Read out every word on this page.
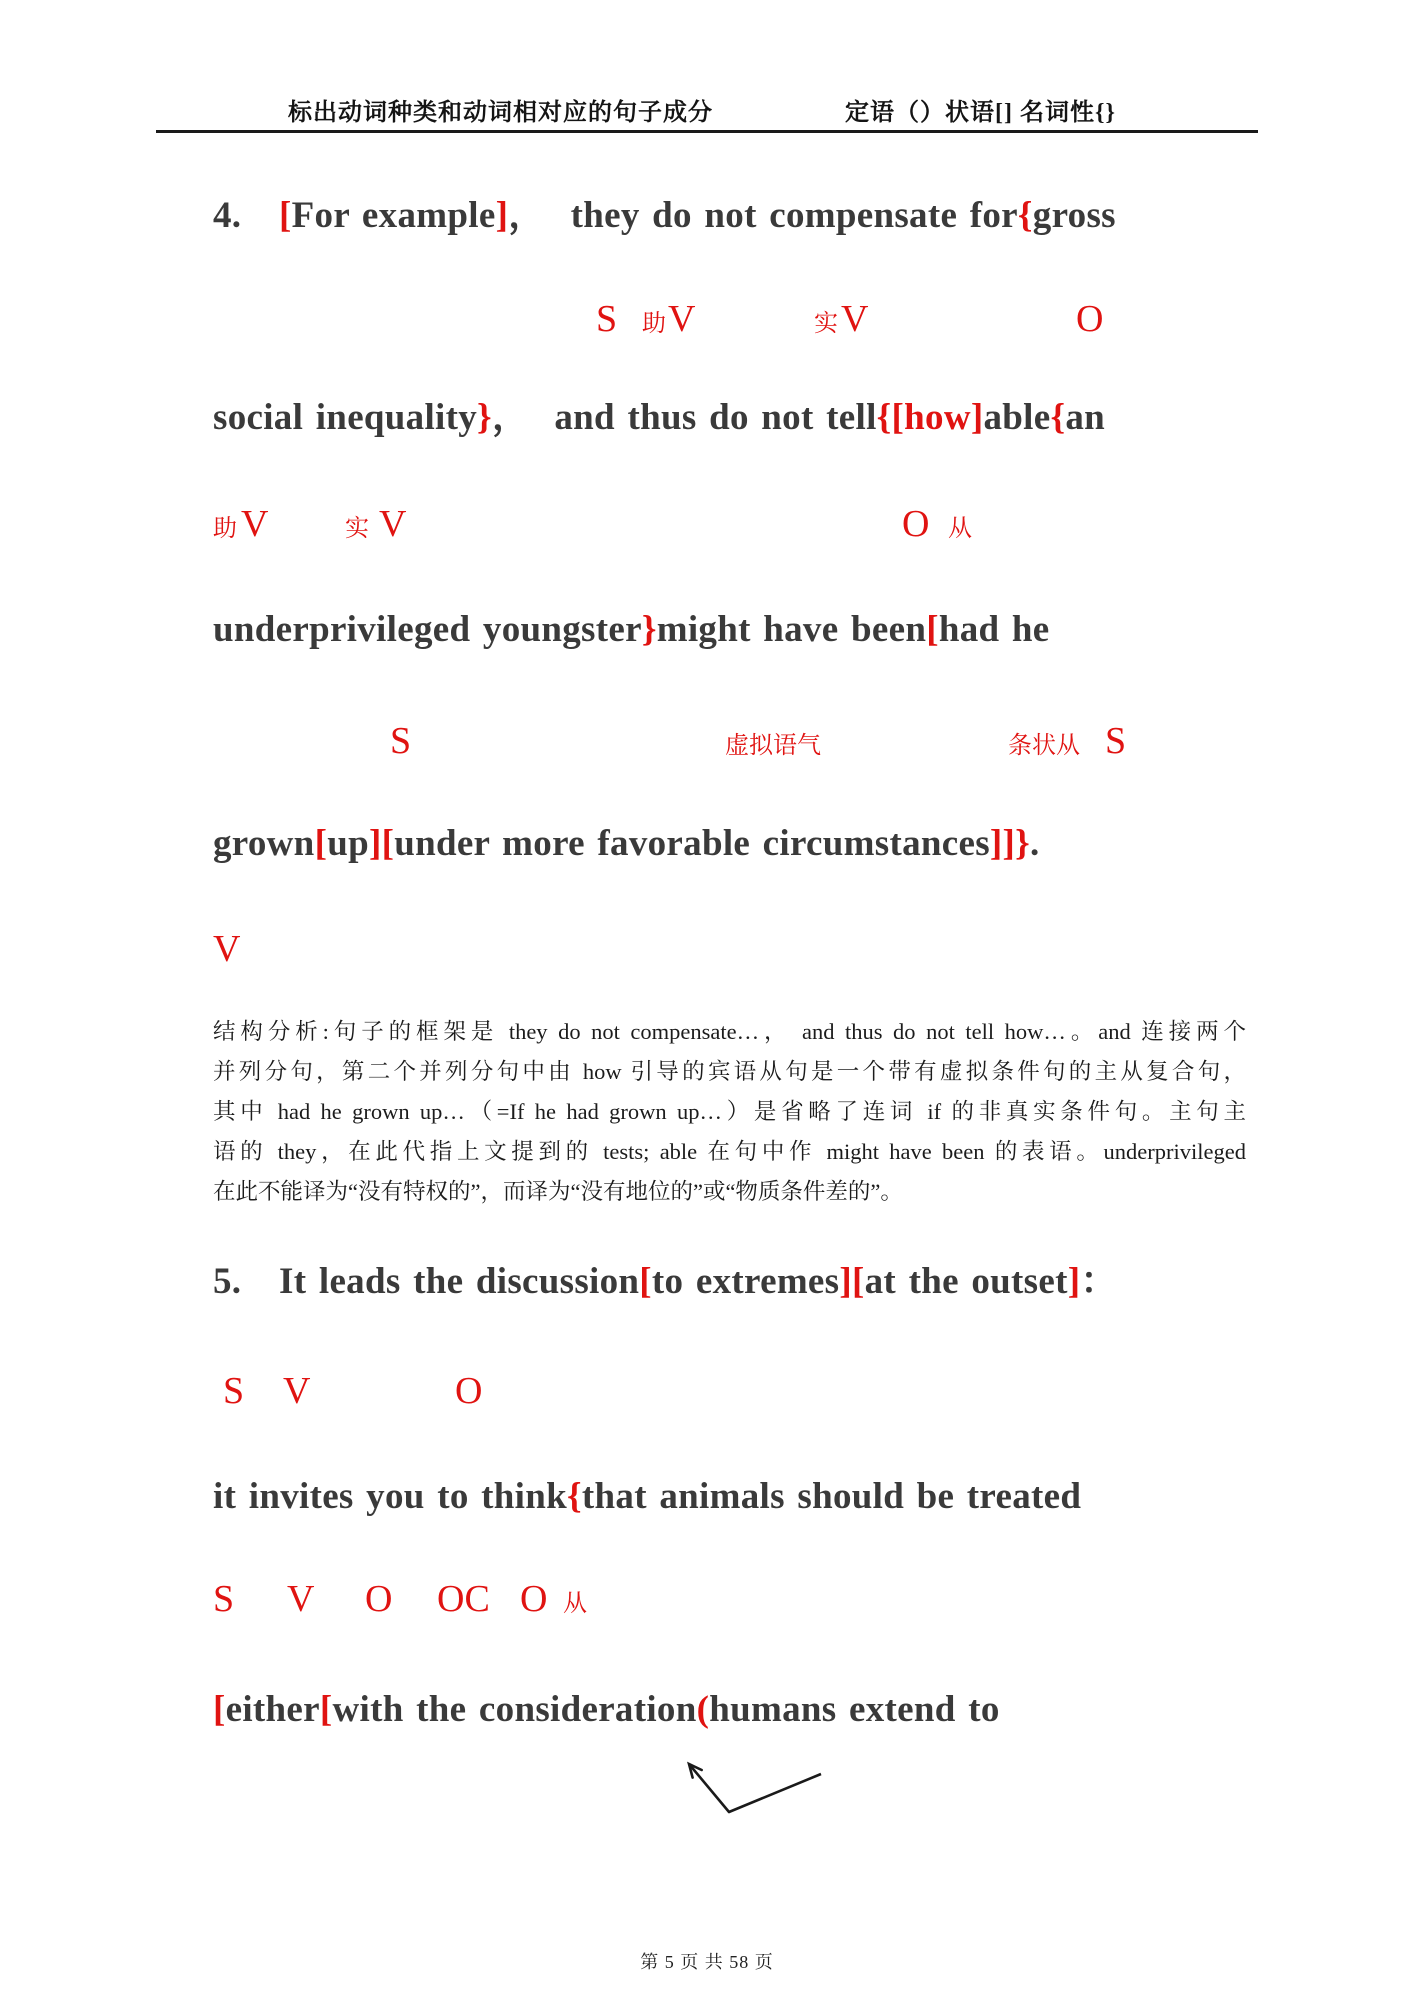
标出动词种类和动词相对应的句子成分	定语（）状语[] 名词性{}
4.   [For example]，  they do not compensate for{gross
S 助 V	实 V	O
social inequality}，  and thus do not tell{[how]able{an
助 V	实 V	O 从
underprivileged youngster}might have been[had he
S	虚拟语气	条状从 S
grown[up][under more favorable circumstances]]}.
V
结构分析:句子的框架是 they do not compensate…， and thus do not tell how…。and 连接两个
并列分句，第二个并列分句中由 how 引导的宾语从句是一个带有虚拟条件句的主从复合句，
其中 had he grown up…（=If he had grown up…）是省略了连词 if 的非真实条件句。主句主
语的 they，在此代指上文提到的 tests; able 在句中作 might have been 的表语。underprivileged
在此不能译为“没有特权的”，而译为“没有地位的”或“物质条件差的”。
5.   It leads the discussion[to extremes][at the outset]：
S V	O
it invites you to think{that animals should be treated
S V O OC O 从
[either[with the consideration(humans extend to
第 5 页 共 58 页
